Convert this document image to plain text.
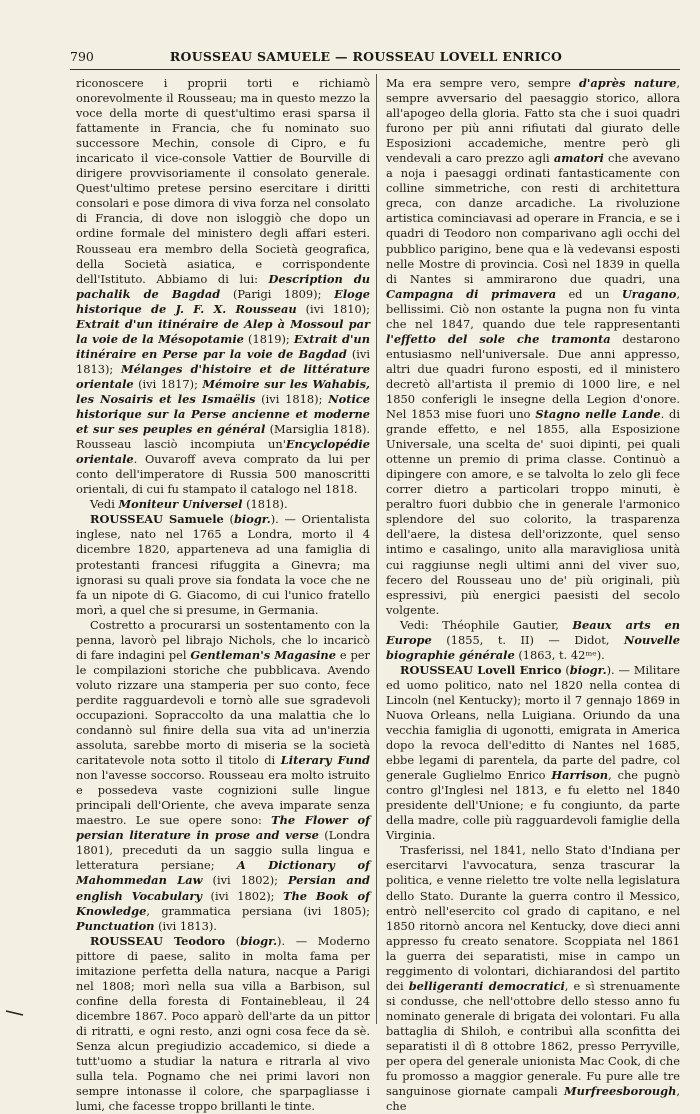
790	ROUSSEAU SAMUELE — ROUSSEAU LOVELL ENRICO

riconoscere i proprii torti e richiamò onorevolmente il Rousseau; ma in questo mezzo la voce della morte di quest'ultimo erasi sparsa il fattamente in Francia, che fu nominato suo successore Mechin, console di Cipro, e fu incaricato il vice-console Vattier de Bourville di dirigere provvisoriamente il consolato generale. Quest'ultimo pretese persino esercitare i diritti consolari e pose dimora di viva forza nel consolato di Francia, di dove non isloggiò che dopo un ordine formale del ministero degli affari esteri. Rousseau era membro della Società geografica, della Società asiatica, e corrispondente dell'Istituto. Abbiamo di lui: Description du pachalik de Bagdad (Parigi 1809); Eloge historique de J. F. X. Rousseau (ivi 1810); Extrait d'un itinéraire de Alep à Mossoul par la voie de la Mésopotamie (1819); Extrait d'un itinéraire en Perse par la voie de Bagdad (ivi 1813); Mélanges d'histoire et de littérature orientale (ivi 1817); Mémoire sur les Wahabis, les Nosairis et les Ismaëlis (ivi 1818); Notice historique sur la Perse ancienne et moderne et sur ses peuples en général (Marsiglia 1818). Rousseau lasciò incompiuta un'Encyclopédie orientale. Ouvaroff aveva comprato da lui per conto dell'imperatore di Russia 500 manoscritti orientali, di cui fu stampato il catalogo nel 1818.

Vedi Moniteur Universel (1818).

ROUSSEAU Samuele (biogr.). — Orientalista inglese, nato nel 1765 a Londra, morto il 4 dicembre 1820, apparteneva ad una famiglia di protestanti francesi rifuggita a Ginevra; ma ignorasi su quali prove sia fondata la voce che ne fa un nipote di G. Giacomo, di cui l'unico fratello morì, a quel che si presume, in Germania.

Costretto a procurarsi un sostentamento con la penna, lavorò pel librajo Nichols, che lo incaricò di fare indagini pel Gentleman's Magasine e per le compilazioni storiche che pubblicava. Avendo voluto rizzare una stamperia per suo conto, fece perdite ragguardevoli e tornò alle sue sgradevoli occupazioni. Sopraccolto da una malattia che lo condannò sul finire della sua vita ad un'inerzia assoluta, sarebbe morto di miseria se la società caritatevole nota sotto il titolo di Literary Fund non l'avesse soccorso. Rousseau era molto istruito e possedeva vaste cognizioni sulle lingue principali dell'Oriente, che aveva imparate senza maestro. Le sue opere sono: The Flower of persian literature in prose and verse (Londra 1801), preceduti da un saggio sulla lingua e letteratura persiane; A Dictionary of Mahommedan Law (ivi 1802); Persian and english Vocabulary (ivi 1802); The Book of Knowledge, grammatica persiana (ivi 1805); Punctuation (ivi 1813).

ROUSSEAU Teodoro (biogr.). — Moderno pittore di paese, salito in molta fama per imitazione perfetta della natura, nacque a Parigi nel 1808; morì nella sua villa a Barbison, sul confine della foresta di Fontainebleau, il 24 dicembre 1867. Poco apparò dell'arte da un pittor di ritratti, e ogni resto, anzi ogni cosa fece da sè. Senza alcun pregiudizio accademico, si diede a tutt'uomo a studiar la natura e ritrarla al vivo sulla tela. Pognamo che nei primi lavori non sempre intonasse il colore, che sparpagliasse i lumi, che facesse troppo brillanti le tinte.

Ma era sempre vero, sempre d'après nature, sempre avversario del paesaggio storico, allora all'apogeo della gloria. Fatto sta che i suoi quadri furono per più anni rifiutati dal giurato delle Esposizioni accademiche, mentre però gli vendevali a caro prezzo agli amatori che avevano a noja i paesaggi ordinati fantasticamente con colline simmetriche, con resti di architettura greca, con danze arcadiche. La rivoluzione artistica cominciavasi ad operare in Francia, e se i quadri di Teodoro non comparivano agli occhi del pubblico parigino, bene qua e là vedevansi esposti nelle Mostre di provincia. Così nel 1839 in quella di Nantes si ammirarono due quadri, una Campagna di primavera ed un Uragano, bellissimi. Ciò non ostante la pugna non fu vinta che nel 1847, quando due tele rappresentanti l'effetto del sole che tramonta destarono entusiasmo nell'universale. Due anni appresso, altri due quadri furono esposti, ed il ministero decretò all'artista il premio di 1000 lire, e nel 1850 conferigli le insegne della Legion d'onore. Nel 1853 mise fuori uno Stagno nelle Lande. di grande effetto, e nel 1855, alla Esposizione Universale, una scelta de' suoi dipinti, pei quali ottenne un premio di prima classe. Continuò a dipingere con amore, e se talvolta lo zelo gli fece correr dietro a particolari troppo minuti, è peraltro fuori dubbio che in generale l'armonico splendore del suo colorito, la trasparenza dell'aere, la distesa dell'orizzonte, quel senso intimo e casalingo, unito alla maravigliosa unità cui raggiunse negli ultimi anni del viver suo, fecero del Rousseau uno de' più originali, più espressivi, più energici paesisti del secolo volgente.

Vedi: Théophile Gautier, Beaux arts en Europe (1855, t. II) — Didot, Nouvelle biographie générale (1863, t. 42ᵐᵉ).

ROUSSEAU Lovell Enrico (biogr.). — Militare ed uomo politico, nato nel 1820 nella contea di Lincoln (nel Kentucky); morto il 7 gennajo 1869 in Nuova Orleans, nella Luigiana. Oriundo da una vecchia famiglia di ugonotti, emigrata in America dopo la revoca dell'editto di Nantes nel 1685, ebbe legami di parentela, da parte del padre, col generale Guglielmo Enrico Harrison, che pugnò contro gl'Inglesi nel 1813, e fu eletto nel 1840 presidente dell'Unione; e fu congiunto, da parte della madre, colle più ragguardevoli famiglie della Virginia.

Trasferissi, nel 1841, nello Stato d'Indiana per esercitarvi l'avvocatura, senza trascurar la politica, e venne rieletto tre volte nella legislatura dello Stato. Durante la guerra contro il Messico, entrò nell'esercito col grado di capitano, e nel 1850 ritornò ancora nel Kentucky, dove dieci anni appresso fu creato senatore. Scoppiata nel 1861 la guerra dei separatisti, mise in campo un reggimento di volontari, dichiarandosi del partito dei belligeranti democratici, e sì strenuamente si condusse, che nell'ottobre dello stesso anno fu nominato generale di brigata dei volontari. Fu alla battaglia di Shiloh, e contribuì alla sconfitta dei separatisti il dì 8 ottobre 1862, presso Perryville, per opera del generale unionista Mac Cook, di che fu promosso a maggior generale. Fu pure alle tre sanguinose giornate campali Murfreesborough, che
